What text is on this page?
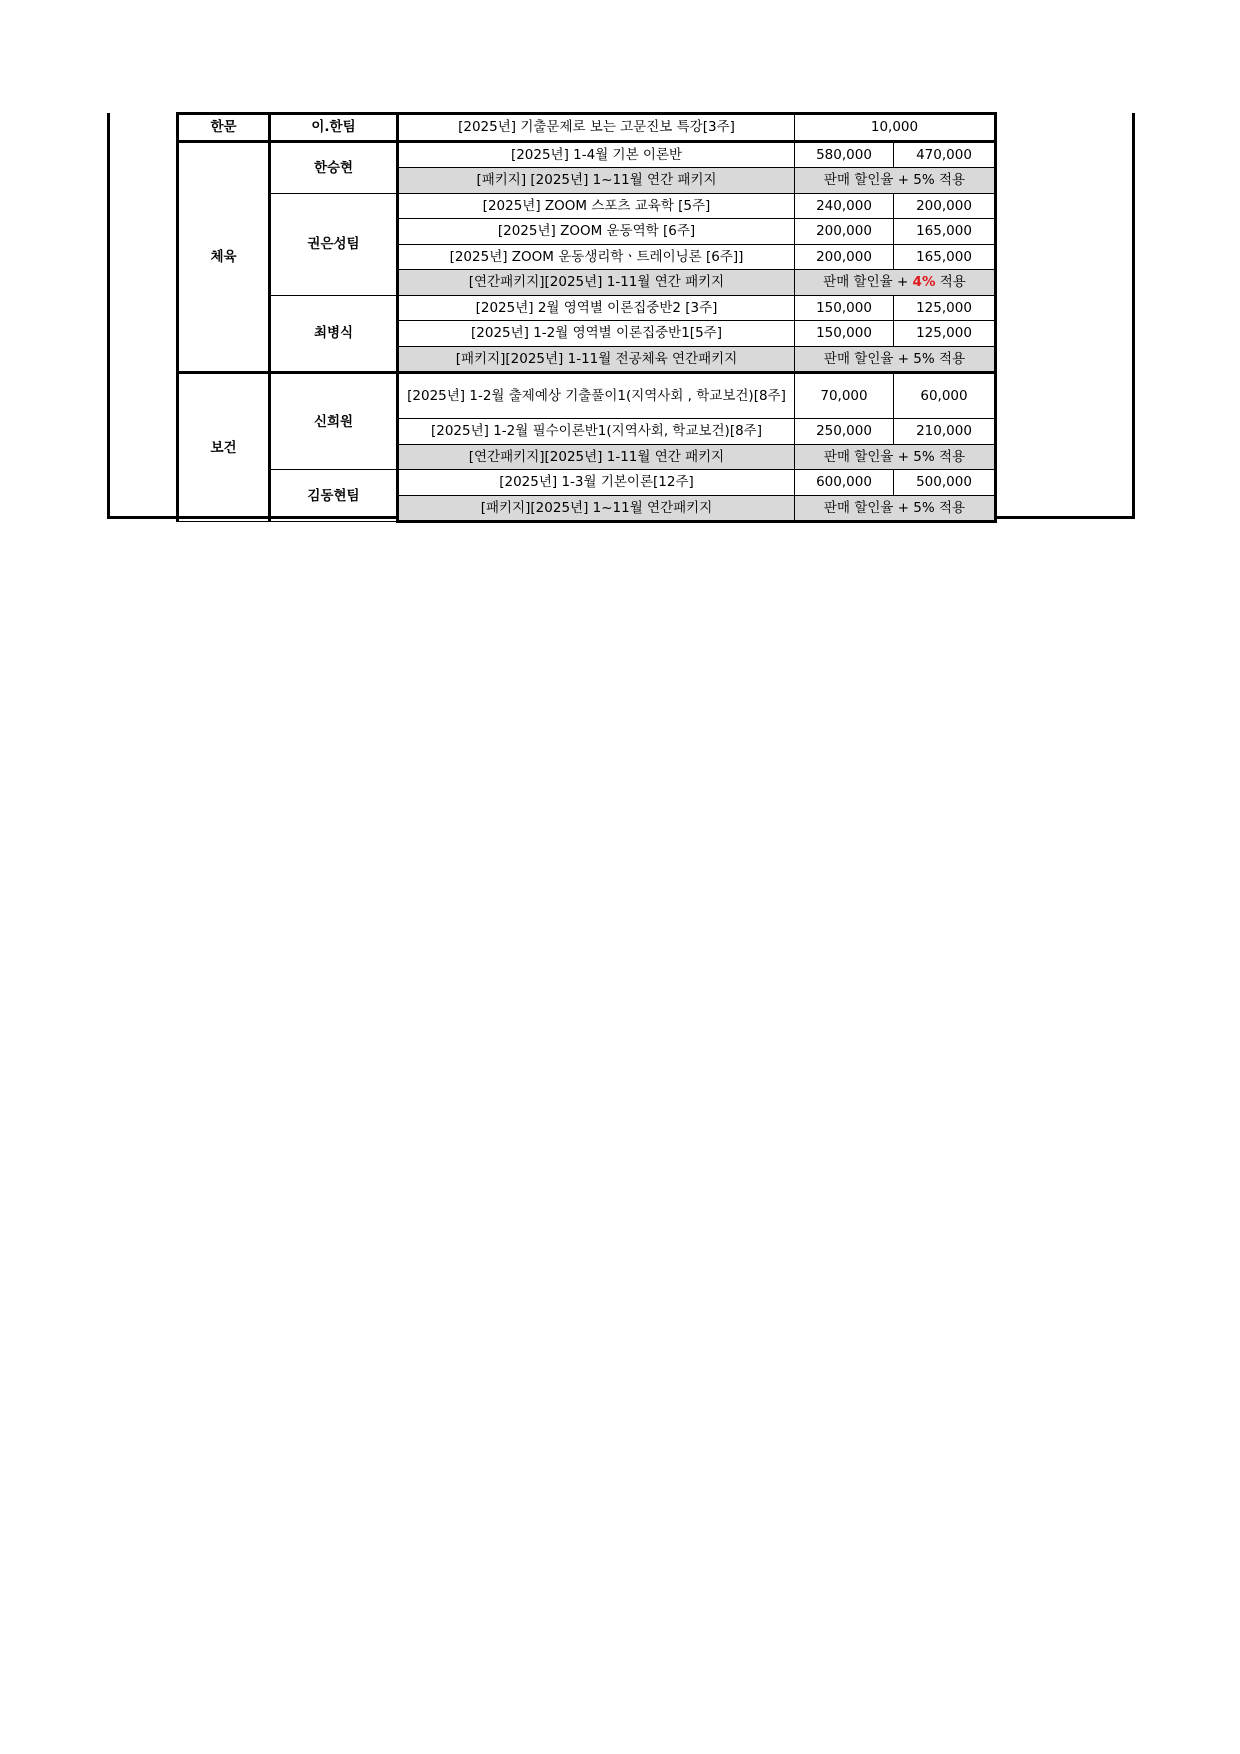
한문	이.한팀	[2025년] 기출문제로 보는 고문진보 특강[3주]	10,000	
체육	한승현	[2025년] 1-4월 기본 이론반	580,000	470,000
		[패키지] [2025년] 1~11월 연간 패키지	판매 할인율 + 5% 적용	
	권은성팀	[2025년] ZOOM 스포츠 교육학 [5주]	240,000	200,000
		[2025년] ZOOM 운동역학 [6주]	200,000	165,000
		[2025년] ZOOM 운동생리학ㆍ트레이닝론 [6주]]	200,000	165,000
		[연간패키지][2025년] 1-11월 연간 패키지	판매 할인율 + 4% 적용	
	최병식	[2025년] 2월 영역별 이론집중반2 [3주]	150,000	125,000
		[2025년] 1-2월 영역별 이론집중반1[5주]	150,000	125,000
		[패키지][2025년] 1-11월 전공체육 연간패키지	판매 할인율 + 5% 적용	
보건	신희원	[2025년] 1-2월 출제예상 기출풀이1(지역사회 , 학교보건)[8주]	70,000	60,000
		[2025년] 1-2월 필수이론반1(지역사회, 학교보건)[8주]	250,000	210,000
		[연간패키지][2025년] 1-11월 연간 패키지	판매 할인율 + 5% 적용	
	김동현팀	[2025년] 1-3월 기본이론[12주]	600,000	500,000
		[패키지][2025년] 1~11월 연간패키지	판매 할인율 + 5% 적용	
